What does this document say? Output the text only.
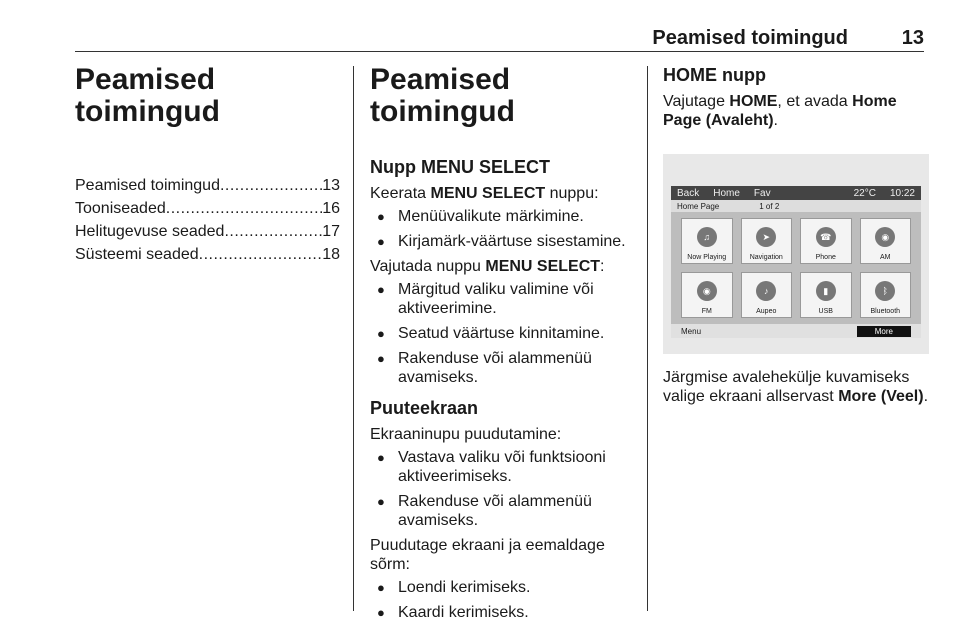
Peamised toimingud	13
Peamised
toimingud
Peamised toimingud .....	13
Tooniseaded .....	16
Helitugevuse seaded .....	17
Süsteemi seaded .....	18
Peamised toimingud
Nupp MENU SELECT

Keerata MENU SELECT nuppu:

● Menüüvalikute märkimine.
● Kirjamärk-väärtuse sisestamine.

Vajutada nuppu MENU SELECT:

● Märgitud valiku valimine või aktiveerimine.
● Seatud väärtuse kinnitamine.
● Rakenduse või alammenüü avamiseks.
Puuteekraan

Ekraaninupu puudutamine:

● Vastava valiku või funktsiooni aktiveerimiseks.
● Rakenduse või alammenüü avamiseks.

Puudutage ekraani ja eemaldage sõrm:

● Loendi kerimiseks.
● Kaardi kerimiseks.
HOME nupp

Vajutage HOME, et avada Home Page (Avaleht).

Back Home Fav	22°C 10:22
Home Page	1 of 2
♫
Now Playing
➤
Navigation
☎
Phone
◉
AM
◉
FM
♪
Aupeo
▮
USB
ᛒ
Bluetooth
Menu	More

Järgmise avalehekülje kuvamiseks valige ekraani allservast More (Veel).
